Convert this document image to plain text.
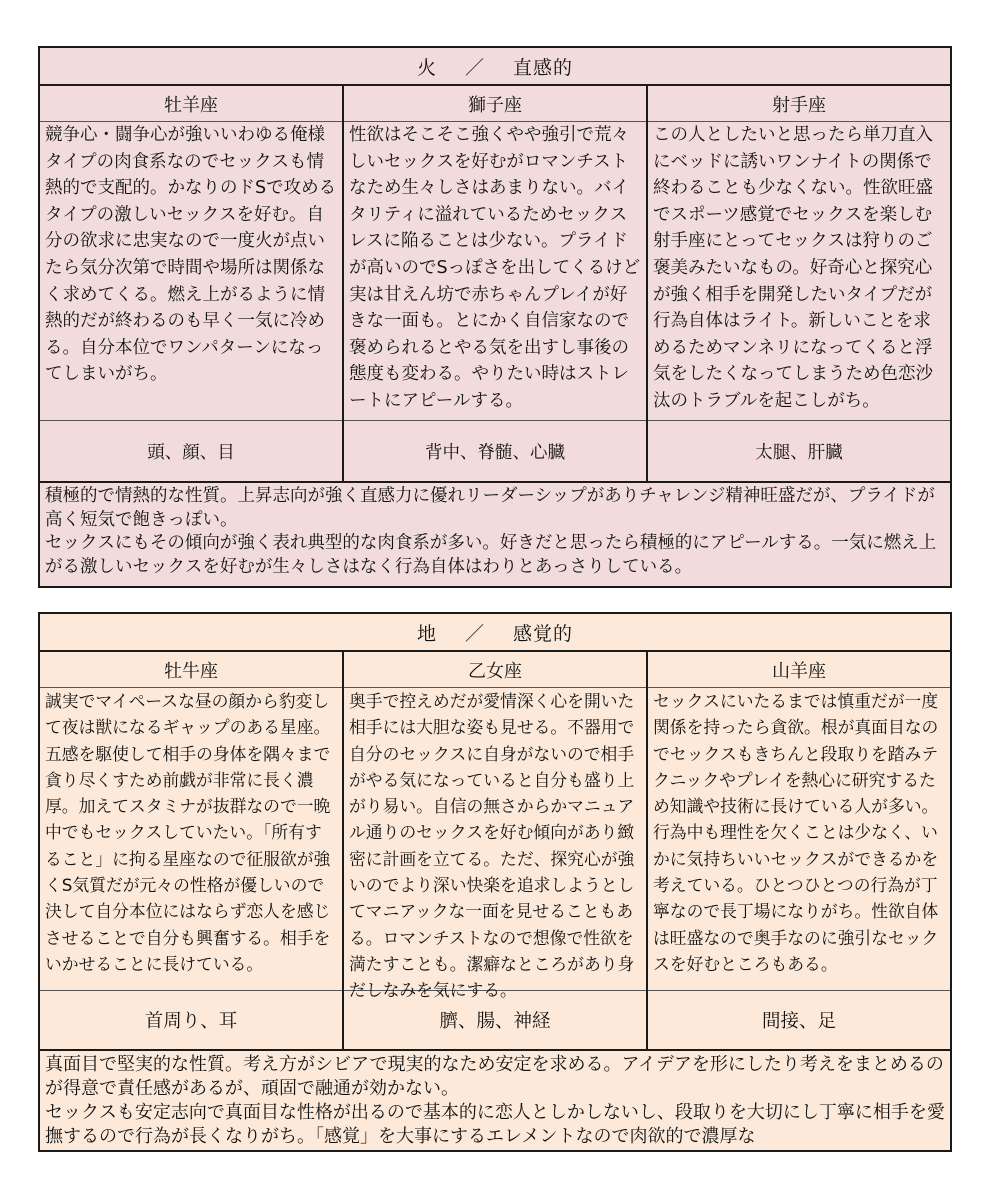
火 ／ 直感的
牡羊座
競争心・闘争心が強いいわゆる俺様タイプの肉食系なのでセックスも情熱的で支配的。かなりのドSで攻めるタイプの激しいセックスを好む。自分の欲求に忠実なので一度火が点いたら気分次第で時間や場所は関係なく求めてくる。燃え上がるように情熱的だが終わるのも早く一気に冷める。自分本位でワンパターンになってしまいがち。
頭、顔、目
獅子座
性欲はそこそこ強くやや強引で荒々しいセックスを好むがロマンチストなため生々しさはあまりない。バイタリティに溢れているためセックスレスに陥ることは少ない。プライドが高いのでSっぽさを出してくるけど実は甘えん坊で赤ちゃんプレイが好きな一面も。とにかく自信家なので褒められるとやる気を出すし事後の態度も変わる。やりたい時はストレートにアピールする。
背中、脊髄、心臓
射手座
この人としたいと思ったら単刀直入にベッドに誘いワンナイトの関係で終わることも少なくない。性欲旺盛でスポーツ感覚でセックスを楽しむ射手座にとってセックスは狩りのご褒美みたいなもの。好奇心と探究心が強く相手を開発したいタイプだが行為自体はライト。新しいことを求めるためマンネリになってくると浮気をしたくなってしまうため色恋沙汰のトラブルを起こしがち。
太腿、肝臓

積極的で情熱的な性質。上昇志向が強く直感力に優れリーダーシップがありチャレンジ精神旺盛だが、プライドが高く短気で飽きっぽい。

セックスにもその傾向が強く表れ典型的な肉食系が多い。好きだと思ったら積極的にアピールする。一気に燃え上がる激しいセックスを好むが生々しさはなく行為自体はわりとあっさりしている。

地 ／ 感覚的
牡牛座
誠実でマイペースな昼の顔から豹変して夜は獣になるギャップのある星座。五感を駆使して相手の身体を隅々まで貪り尽くすため前戯が非常に長く濃厚。加えてスタミナが抜群なので一晩中でもセックスしていたい。「所有すること」に拘る星座なので征服欲が強くS気質だが元々の性格が優しいので決して自分本位にはならず恋人を感じさせることで自分も興奮する。相手をいかせることに長けている。
首周り、耳
乙女座
奥手で控えめだが愛情深く心を開いた相手には大胆な姿も見せる。不器用で自分のセックスに自身がないので相手がやる気になっていると自分も盛り上がり易い。自信の無さからかマニュアル通りのセックスを好む傾向があり緻密に計画を立てる。ただ、探究心が強いのでより深い快楽を追求しようとしてマニアックな一面を見せることもある。ロマンチストなので想像で性欲を満たすことも。潔癖なところがあり身だしなみを気にする。
臍、腸、神経
山羊座
セックスにいたるまでは慎重だが一度関係を持ったら貪欲。根が真面目なのでセックスもきちんと段取りを踏みテクニックやプレイを熱心に研究するため知識や技術に長けている人が多い。行為中も理性を欠くことは少なく、いかに気持ちいいセックスができるかを考えている。ひとつひとつの行為が丁寧なので長丁場になりがち。性欲自体は旺盛なので奥手なのに強引なセックスを好むところもある。
間接、足

真面目で堅実的な性質。考え方がシビアで現実的なため安定を求める。アイデアを形にしたり考えをまとめるのが得意で責任感があるが、頑固で融通が効かない。

セックスも安定志向で真面目な性格が出るので基本的に恋人としかしないし、段取りを大切にし丁寧に相手を愛撫するので行為が長くなりがち。「感覚」を大事にするエレメントなので肉欲的で濃厚な
